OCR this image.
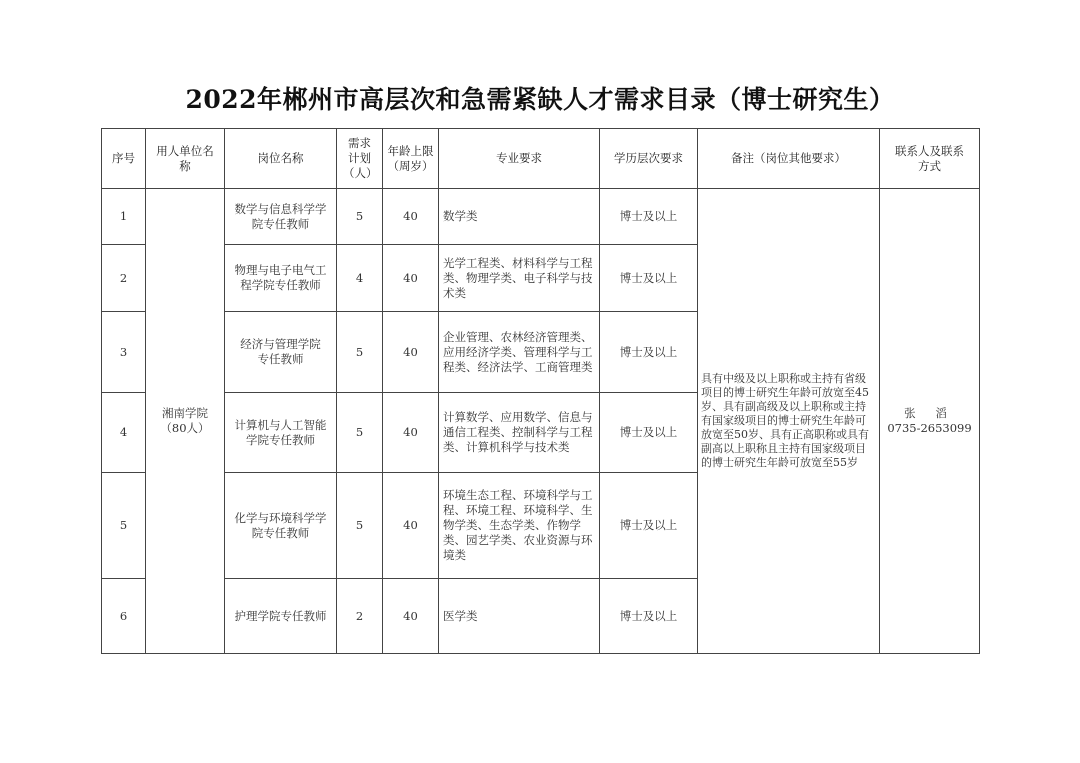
2022年郴州市高层次和急需紧缺人才需求目录（博士研究生）
序号	用人单位名称	岗位名称	需求计划（人）	年龄上限（周岁）	专业要求	学历层次要求	备注（岗位其他要求）	联系人及联系方式
1	湘南学院（80人）	数学与信息科学学院专任教师	5	40	数学类	博士及以上	具有中级及以上职称或主持有省级项目的博士研究生年龄可放宽至45岁、具有副高级及以上职称或主持有国家级项目的博士研究生年龄可放宽至50岁、具有正高职称或具有副高以上职称且主持有国家级项目的博士研究生年龄可放宽至55岁	张 滔
0735-2653099
2		物理与电子电气工程学院专任教师	4	40	光学工程类、材料科学与工程类、物理学类、电子科学与技术类	博士及以上		
3		经济与管理学院专任教师	5	40	企业管理、农林经济管理类、应用经济学类、管理科学与工程类、经济法学、工商管理类	博士及以上		
4		计算机与人工智能学院专任教师	5	40	计算数学、应用数学、信息与通信工程类、控制科学与工程类、计算机科学与技术类	博士及以上		
5		化学与环境科学学院专任教师	5	40	环境生态工程、环境科学与工程、环境工程、环境科学、生物学类、生态学类、作物学类、园艺学类、农业资源与环境类	博士及以上		
6		护理学院专任教师	2	40	医学类	博士及以上		
